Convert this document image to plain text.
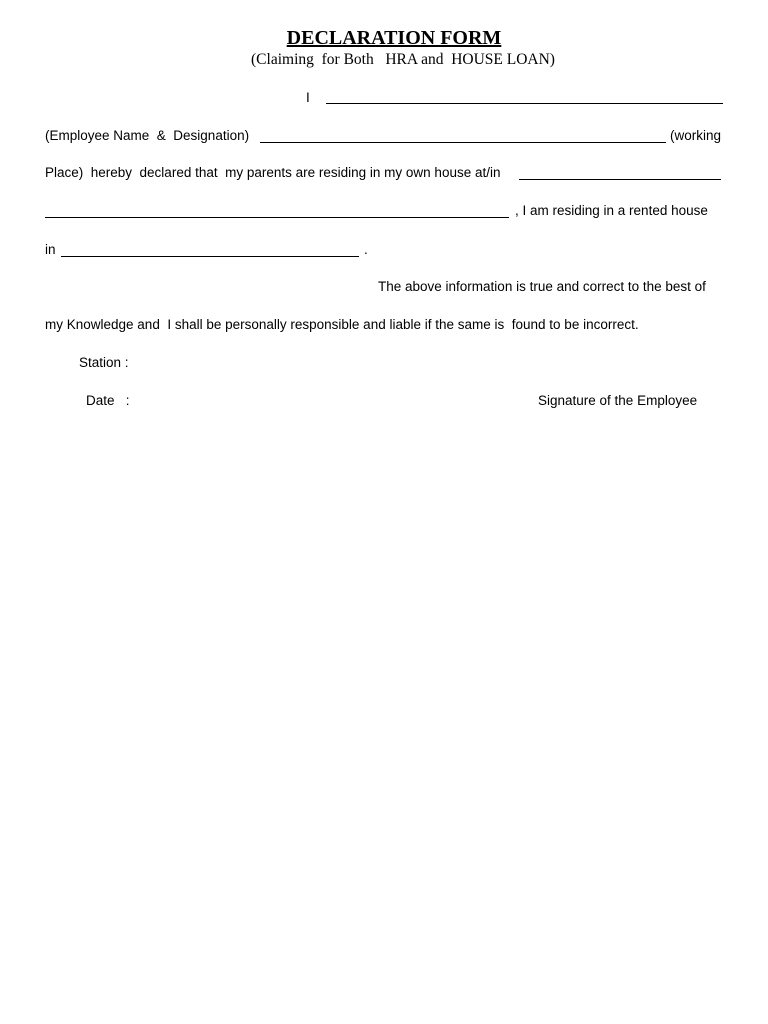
DECLARATION FORM
(Claiming  for Both   HRA and  HOUSE LOAN)
I
(Employee Name  &  Designation)	(working
Place)  hereby  declared that  my parents are residing in my own house at/in
, I am residing in a rented house
in	.
The above information is true and correct to the best of
my Knowledge and  I shall be personally responsible and liable if the same is  found to be incorrect.
Station :
Date   :	Signature of the Employee
